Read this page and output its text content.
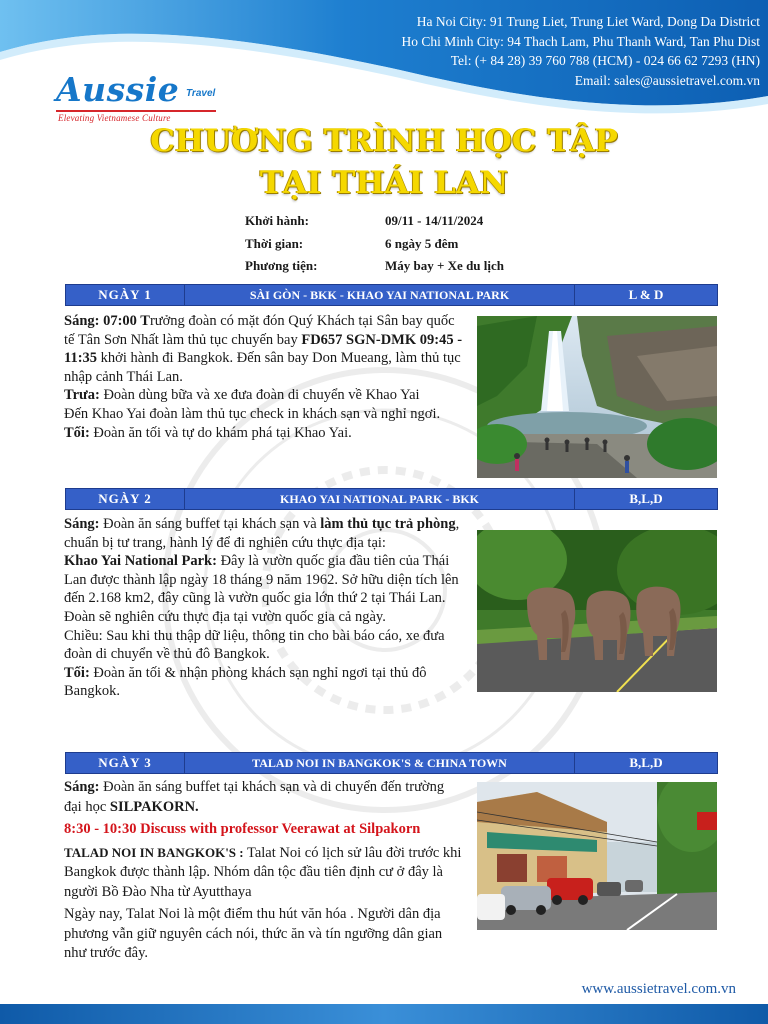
Ha Noi City: 91 Trung Liet, Trung Liet Ward, Dong Da District
Ho Chi Minh City: 94 Thach Lam, Phu Thanh Ward, Tan Phu Dist
Tel: (+ 84 28) 39 760 788 (HCM) - 024 66 62 7293 (HN)
Email: sales@aussietravel.com.vn
Aussie Travel
Elevating Vietnamese Culture
CHƯƠNG TRÌNH HỌC TẬP
TẠI THÁI LAN
Khởi hành:	09/11 - 14/11/2024
Thời gian:	6 ngày 5 đêm
Phương tiện:	Máy bay + Xe du lịch
NGÀY 1	SÀI GÒN - BKK - KHAO YAI NATIONAL PARK	L & D

Sáng: 07:00 Trưởng đoàn có mặt đón Quý Khách tại Sân bay quốc tế Tân Sơn Nhất làm thủ tục chuyến bay FD657 SGN-DMK 09:45 - 11:35 khởi hành đi Bangkok. Đến sân bay Don Mueang, làm thủ tục nhập cảnh Thái Lan.

Trưa: Đoàn dùng bữa và xe đưa đoàn di chuyển về Khao Yai

Đến Khao Yai đoàn làm thủ tục check in khách sạn và nghỉ ngơi.

Tối: Đoàn ăn tối và tự do khám phá tại Khao Yai.

NGÀY 2	KHAO YAI NATIONAL PARK - BKK	B,L,D

Sáng: Đoàn ăn sáng buffet tại khách sạn và làm thủ tục trả phòng, chuẩn bị tư trang, hành lý để đi nghiên cứu thực địa tại:

Khao Yai National Park: Đây là vườn quốc gia đầu tiên của Thái Lan được thành lập ngày 18 tháng 9 năm 1962. Sở hữu diện tích lên đến 2.168 km2, đây cũng là vườn quốc gia lớn thứ 2 tại Thái Lan.

Đoàn sẽ nghiên cứu thực địa tại vườn quốc gia cả ngày.

Chiều: Sau khi thu thập dữ liệu, thông tin cho bài báo cáo, xe đưa đoàn di chuyển về thủ đô Bangkok.

Tối: Đoàn ăn tối & nhận phòng khách sạn nghỉ ngơi tại thủ đô Bangkok.

NGÀY 3	TALAD NOI IN BANGKOK'S & CHINA TOWN	B,L,D

Sáng: Đoàn ăn sáng buffet tại khách sạn và di chuyển đến trường đại học SILPAKORN.

8:30 - 10:30 Discuss with professor Veerawat at Silpakorn

TALAD NOI IN BANGKOK'S : Talat Noi có lịch sử lâu đời trước khi Bangkok được thành lập. Nhóm dân tộc đầu tiên định cư ở đây là người Bồ Đào Nha từ Ayutthaya

Ngày nay, Talat Noi là một điểm thu hút văn hóa . Người dân địa phương vẫn giữ nguyên cách nói, thức ăn và tín ngưỡng dân gian như trước đây.

www.aussietravel.com.vn
